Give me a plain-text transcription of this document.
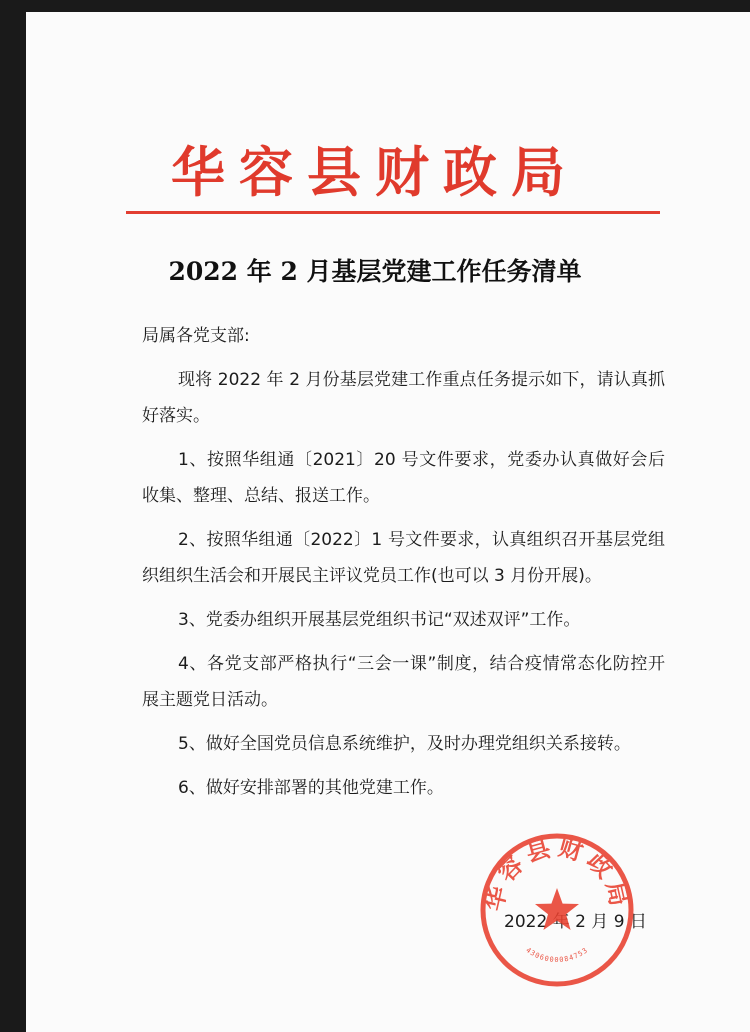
华容县财政局
2022 年 2 月基层党建工作任务清单

局属各党支部:

现将 2022 年 2 月份基层党建工作重点任务提示如下，请认真抓好落实。

1、按照华组通〔2021〕20 号文件要求，党委办认真做好会后收集、整理、总结、报送工作。

2、按照华组通〔2022〕1 号文件要求，认真组织召开基层党组织组织生活会和开展民主评议党员工作(也可以 3 月份开展)。

3、党委办组织开展基层党组织书记“双述双评”工作。

4、各党支部严格执行“三会一课”制度，结合疫情常态化防控开展主题党日活动。

5、做好全国党员信息系统维护，及时办理党组织关系接转。

6、做好安排部署的其他党建工作。

2022 年 2 月 9 日
华容县财政局
4306000084753
